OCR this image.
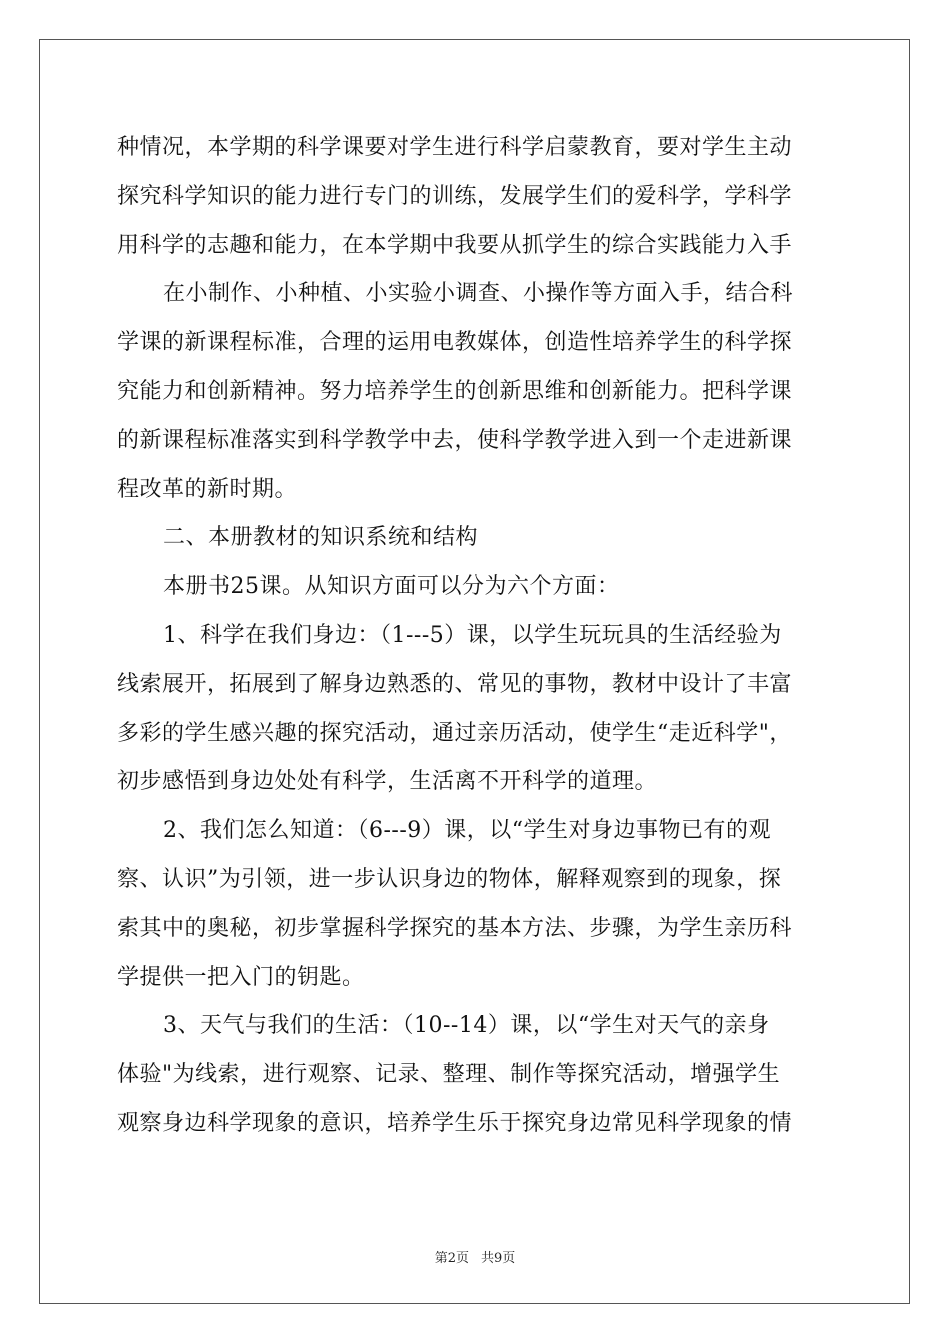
种情况，本学期的科学课要对学生进行科学启蒙教育，要对学生主动
探究科学知识的能力进行专门的训练，发展学生们的爱科学，学科学
用科学的志趣和能力，在本学期中我要从抓学生的综合实践能力入手
在小制作、小种植、小实验小调查、小操作等方面入手，结合科
学课的新课程标准，合理的运用电教媒体，创造性培养学生的科学探
究能力和创新精神。努力培养学生的创新思维和创新能力。把科学课
的新课程标准落实到科学教学中去，使科学教学进入到一个走进新课
程改革的新时期。
二、本册教材的知识系统和结构
本册书25课。从知识方面可以分为六个方面：
1、科学在我们身边：（1---5）课，以学生玩玩具的生活经验为
线索展开，拓展到了解身边熟悉的、常见的事物，教材中设计了丰富
多彩的学生感兴趣的探究活动，通过亲历活动，使学生“走近科学"，
初步感悟到身边处处有科学，生活离不开科学的道理。
2、我们怎么知道：（6---9）课，以“学生对身边事物已有的观
察、认识”为引领，进一步认识身边的物体，解释观察到的现象，探
索其中的奥秘，初步掌握科学探究的基本方法、步骤，为学生亲历科
学提供一把入门的钥匙。
3、天气与我们的生活：（10--14）课，以“学生对天气的亲身
体验"为线索，进行观察、记录、整理、制作等探究活动，增强学生
观察身边科学现象的意识，培养学生乐于探究身边常见科学现象的情
第2页 共9页
